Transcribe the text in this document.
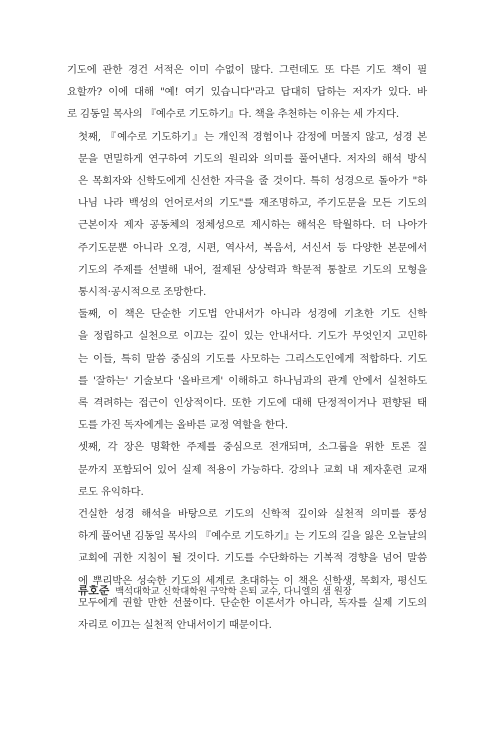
기도에 관한 경건 서적은 이미 수없이 많다. 그런데도 또 다른 기도 책이 필
요할까? 이에 대해 "예! 여기 있습니다"라고 답대히 답하는 저자가 있다. 바
로 김동일 목사의 『예수로 기도하기』다. 책을 추천하는 이유는 세 가지다.

첫째, 『예수로 기도하기』는 개인적 경험이나 감정에 머물지 않고, 성경 본
문을 면밀하게 연구하여 기도의 원리와 의미를 풀어낸다. 저자의 해석 방식
은 목회자와 신학도에게 신선한 자극을 줄 것이다. 특히 성경으로 돌아가 "하
나님 나라 백성의 언어로서의 기도"를 재조명하고, 주기도문을 모든 기도의
근본이자 제자 공동체의 정체성으로 제시하는 해석은 탁월하다. 더 나아가
주기도문뿐 아니라 오경, 시편, 역사서, 복음서, 서신서 등 다양한 본문에서
기도의 주제를 선별해 내어, 절제된 상상력과 학문적 통찰로 기도의 모형을
통시적·공시적으로 조망한다.

둘째, 이 책은 단순한 기도법 안내서가 아니라 성경에 기초한 기도 신학
을 정립하고 실천으로 이끄는 깊이 있는 안내서다. 기도가 무엇인지 고민하
는 이들, 특히 말씀 중심의 기도를 사모하는 그리스도인에게 적합하다. 기도
를 '잘하는' 기술보다 '올바르게' 이해하고 하나님과의 관계 안에서 실천하도
록 격려하는 접근이 인상적이다. 또한 기도에 대해 단정적이거나 편향된 태
도를 가진 독자에게는 올바른 교정 역할을 한다.

셋째, 각 장은 명확한 주제를 중심으로 전개되며, 소그룹을 위한 토론 질
문까지 포함되어 있어 실제 적용이 가능하다. 강의나 교회 내 제자훈련 교재
로도 유익하다.

건실한 성경 해석을 바탕으로 기도의 신학적 깊이와 실천적 의미를 풍성
하게 풀어낸 김동일 목사의 『예수로 기도하기』는 기도의 길을 잃은 오늘날의
교회에 귀한 지침이 될 것이다. 기도를 수단화하는 기복적 경향을 넘어 말씀
에 뿌리박은 성숙한 기도의 세계로 초대하는 이 책은 신학생, 목회자, 평신도
모두에게 권할 만한 선물이다. 단순한 이론서가 아니라, 독자를 실제 기도의
자리로 이끄는 실천적 안내서이기 때문이다.

류호준 백석대학교 신학대학원 구약학 은퇴 교수, 다니엘의 샘 원장
